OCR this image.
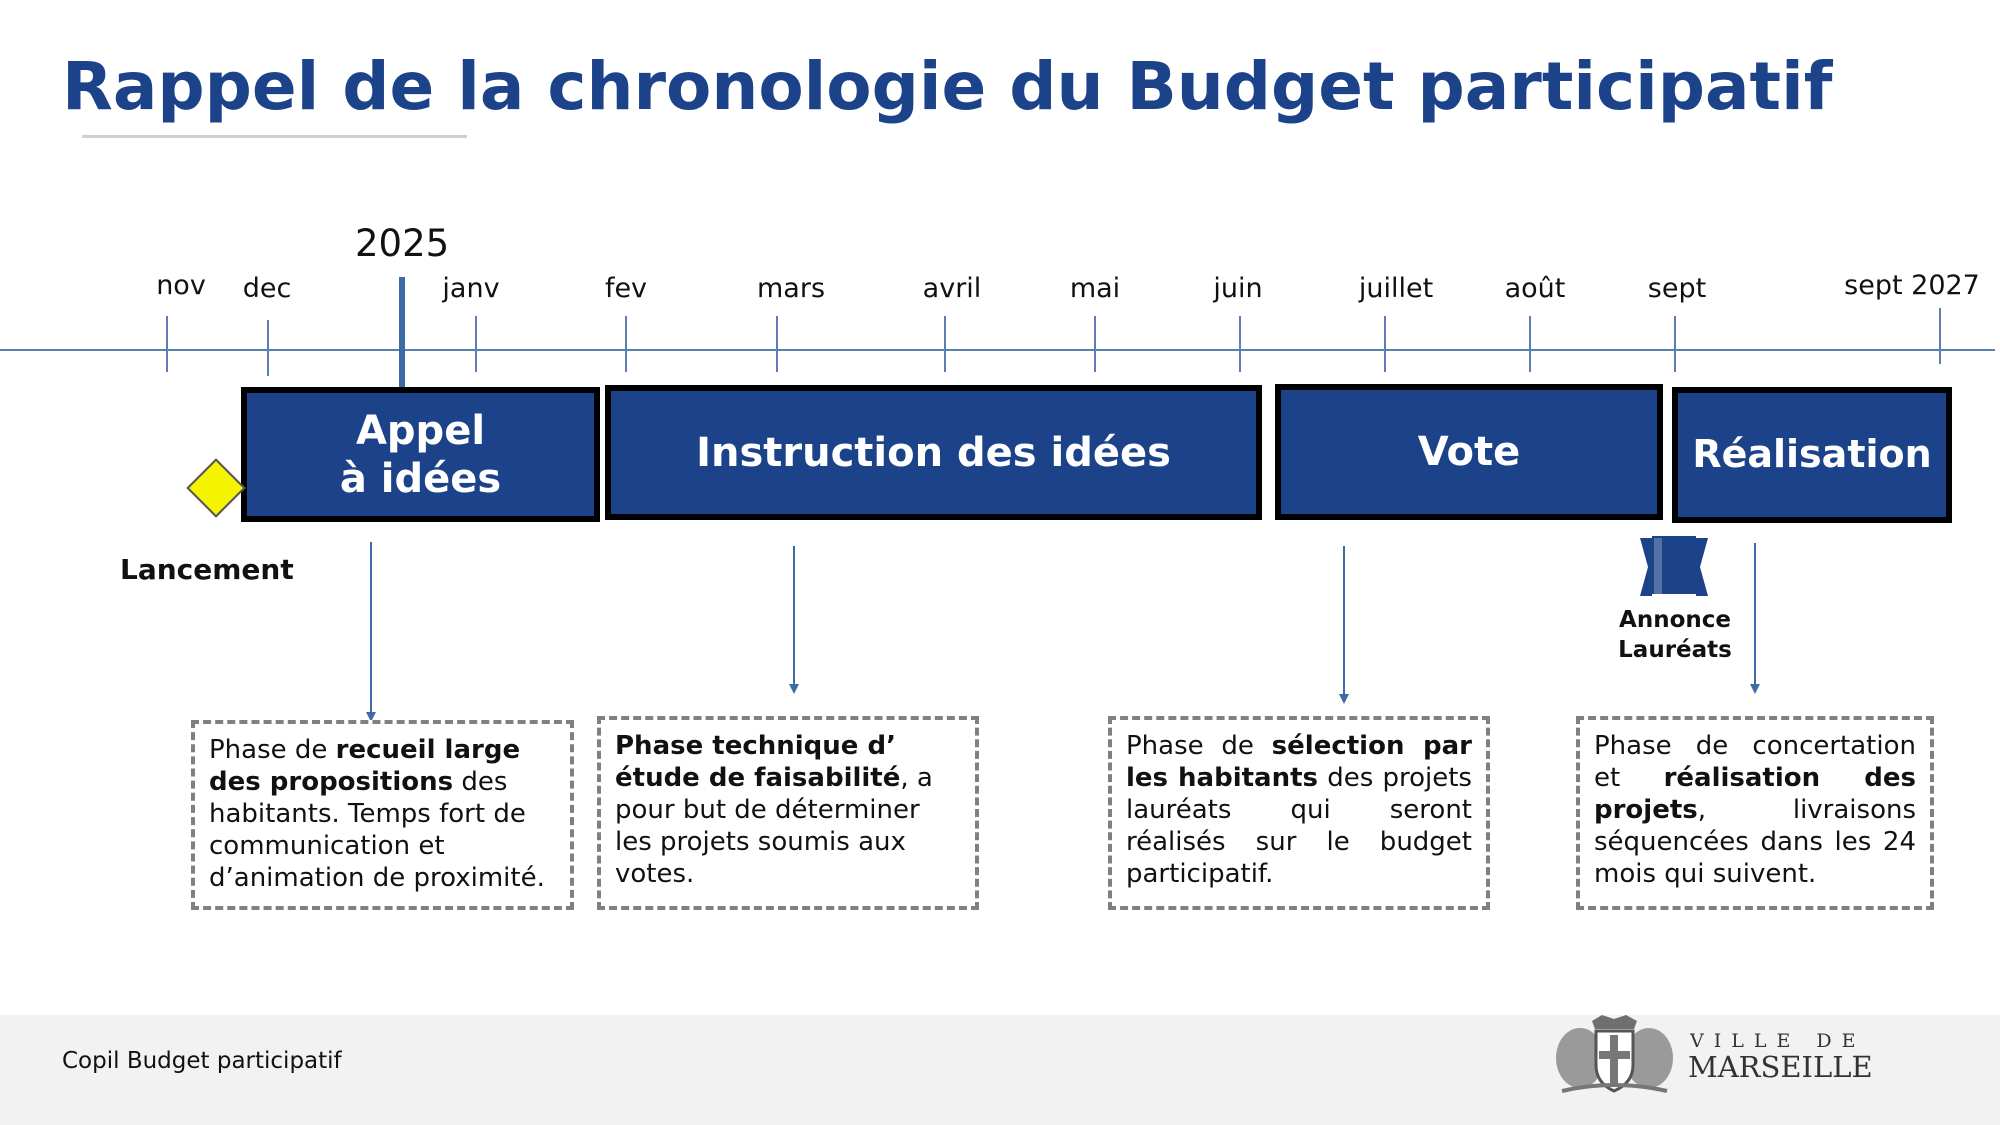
Rappel de la chronologie du Budget participatif
2025
nov dec	janv	fev	mars	avril	mai	juin	juillet	août	sept	sept 2027
Appel
à idées
Instruction des idées	Vote	Réalisation
Lancement
Annonce
Lauréats
Phase de recueil large des propositions des habitants. Temps fort de communication et d’animation de proximité.
Phase technique d’ étude de faisabilité, a pour but de déterminer les projets soumis aux votes.
Phase de sélection par les habitants des projets lauréats qui seront réalisés sur le budget participatif.
Phase de concertation et réalisation des projets, livraisons séquencées dans les 24 mois qui suivent.
Copil Budget participatif
VILLE DE
MARSEILLE
